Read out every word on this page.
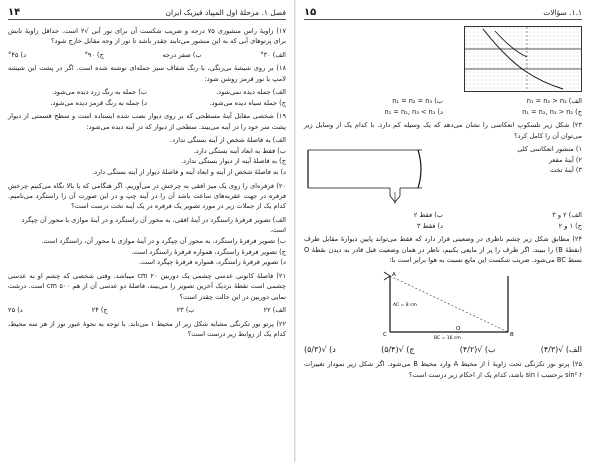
فصل ۱. مرحلهٔ اول المپیاد فیزیک ایران
۱۴
۱۷) زاویهٔ راس منشوری ۷۵ درجه و ضریب شکست آن برای نور آبی √۲ است. حداقل زاویهٔ تابش برای پرتوهای آبی که به این منشور می‌تابند چقدر باشد تا نور از وجه مقابل خارج شود؟
الف) ۳۰°
ب) صفر درجه
ج) ۹۰°
د) ۴۵°
۱۸) بر روی شیشهٔ بی‌رنگی، با رنگ شفاف سبز جمله‌ای نوشته شده است. اگر در پشت این شیشه لامپ با نور قرمز روشن شود:
الف) جمله دیده نمی‌شود.
ب) جمله به رنگ زرد دیده می‌شود.
ج) جمله سیاه دیده می‌شود.
د) جمله به رنگ قرمز دیده می‌شود.
۱۹) شخصی مقابل آینهٔ مسطحی که بر روی دیوار نصب شده ایستاده است و سطح قسمتی از دیوار پشت سر خود را در آینه می‌بیند. سطحی از دیوار که در آینه دیده می‌شود:
الف) به فاصلهٔ شخص از آینه بستگی ندارد.
ب) فقط به ابعاد آینه بستگی دارد.
ج) به فاصلهٔ آینه از دیوار بستگی ندارد.
د) به فاصلهٔ شخص از آینه و ابعاد آینه و فاصلهٔ دیوار از آینه بستگی دارد.
۲۰) فرفره‌ای را روی یک میز افقی به چرخش در می‌آوریم. اگر هنگامی که با بالا نگاه می‌کنیم چرخش فرفره در جهت عقربه‌های ساعت باشد آن را در آینه چپ و در این صورت آن را راستگرد می‌نامیم. کدام یک از جملات زیر در مورد تصویر یک فرفره در یک آینه تخت درست است؟
الف) تصویر فرفرهٔ راستگرد در آینهٔ افقی، به محور آن راستگرد و در آینهٔ موازی با محور آن چپگرد است.
ب) تصویر فرفرهٔ راستگرد، به محور آن چپگرد و در آینهٔ موازی با محور آن، راستگرد است.
ج) تصویر فرفرهٔ راستگرد، همواره فرفرهٔ راستگرد است.
د) تصویر فرفرهٔ راستگرد، همواره فرفرهٔ چپگرد است.
۲۱) فاصلهٔ کانونی عدسی چشمی یک دوربین ۲۰ cm میباشد. وقتی شخصی که چشم او به عدسی چشمی است نقطهٔ نزدیک آخرین تصویر را می‌بیند، فاصلهٔ دو عدسی آن از هم ۵۰۰ cm است. درشت نمایی دوربین در این حالت چقدر است؟
الف) ۲۲
ب) ۲۳
ج) ۲۴
د) ۲۵
۲۲) پرتو نور تکرنگی مشابه شکل زیر از محیط ۱ می‌تابد. با توجه به نحوهٔ عبور نور از هر سه محیط، کدام یک از روابط زیر درست است؟
۱.۱. سؤالات
۱۵
الف) n₁ = n₂ > n₃
ب) n₁ = n₂ = n₃
ج) n₁ = n₂, n₃ > n₂
د) n₁ = n₂, n₃ < n₂
۲۳) شکل زیر تلسکوپ انعکاسی را نشان می‌دهد که یک وسیله کم دارد. با کدام یک از وسایل زیر می‌توان آن را کامل کرد؟
۱) منشور انعکاسی کلی
۲) آینهٔ مقعر
۳) آینهٔ تخت
الف) ۲ و ۳
ب) فقط ۲
ج) ۱ و ۲
د) فقط ۳
۲۴) مطابق شکل زیر چشم ناظری در وضعیتی قرار دارد که فقط می‌تواند پایین دیوارهٔ مقابل ظرف (نقطهٔ B) را ببیند. اگر ظرف را پر از مایعی بکنیم، ناظر در همان وضعیت قبل قادر به دیدن نقطهٔ O بسط BC می‌شود. ضریب شکست این مایع نسبت به هوا برابر است با:
A
B
C
O
AC = 8 cm
BC = 16 cm
الف) √(۴/۳)
ب) √(۴/۲)
ج) √(۵/۴)
د) √(۵/۳)
۲۵) پرتو نور تکرنگی تحت زاویهٔ i از محیط A وارد محیط B می‌شود. اگر شکل زیر نمودار تغییرات sin² r برحسب sin i باشد، کدام یک از احکام زیر درست است؟
